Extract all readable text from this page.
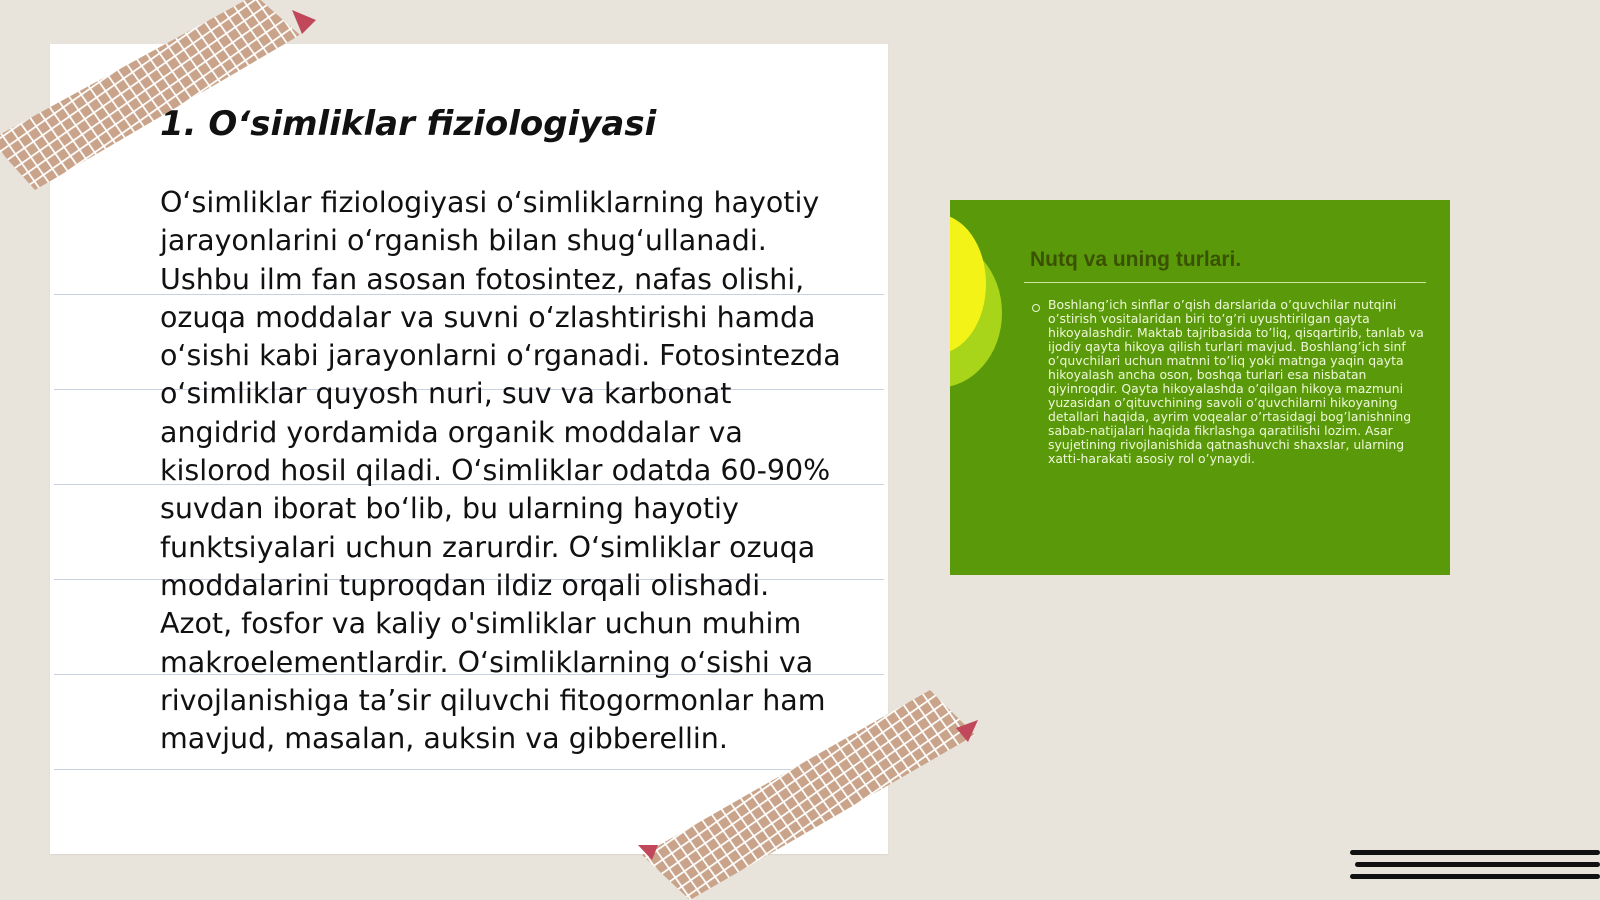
1. O‘simliklar fiziologiyasi

O‘simliklar fiziologiyasi o‘simliklarning hayotiy jarayonlarini o‘rganish bilan shug‘ullanadi. Ushbu ilm fan asosan fotosintez, nafas olishi, ozuqa moddalar va suvni o‘zlashtirishi hamda o‘sishi kabi jarayonlarni o‘rganadi. Fotosintezda o‘simliklar quyosh nuri, suv va karbonat angidrid yordamida organik moddalar va kislorod hosil qiladi. O‘simliklar odatda 60-90% suvdan iborat bo‘lib, bu ularning hayotiy funktsiyalari uchun zarurdir. O‘simliklar ozuqa moddalarini tuproqdan ildiz orqali olishadi. Azot, fosfor va kaliy o'simliklar uchun muhim makroelementlardir. O‘simliklarning o‘sishi va rivojlanishiga ta’sir qiluvchi fitogormonlar ham mavjud, masalan, auksin va gibberellin.

Nutq va uning turlari.

Boshlang’ich sinflar o’qish darslarida o’quvchilar nutqini o’stirish vositalaridan biri to’g’ri uyushtirilgan qayta hikoyalashdir. Maktab tajribasida to’liq, qisqartirib, tanlab va ijodiy qayta hikoya qilish turlari mavjud. Boshlang’ich sinf o’quvchilari uchun matnni to’liq yoki matnga yaqin qayta hikoyalash ancha oson, boshqa turlari esa nisbatan qiyinroqdir. Qayta hikoyalashda o’qilgan hikoya mazmuni yuzasidan o’qituvchining savoli o’quvchilarni hikoyaning detallari haqida, ayrim voqealar o’rtasidagi bog’lanishning sabab-natijalari haqida fikrlashga qaratilishi lozim. Asar syujetining rivojlanishida qatnashuvchi shaxslar, ularning xatti-harakati asosiy rol o’ynaydi.
